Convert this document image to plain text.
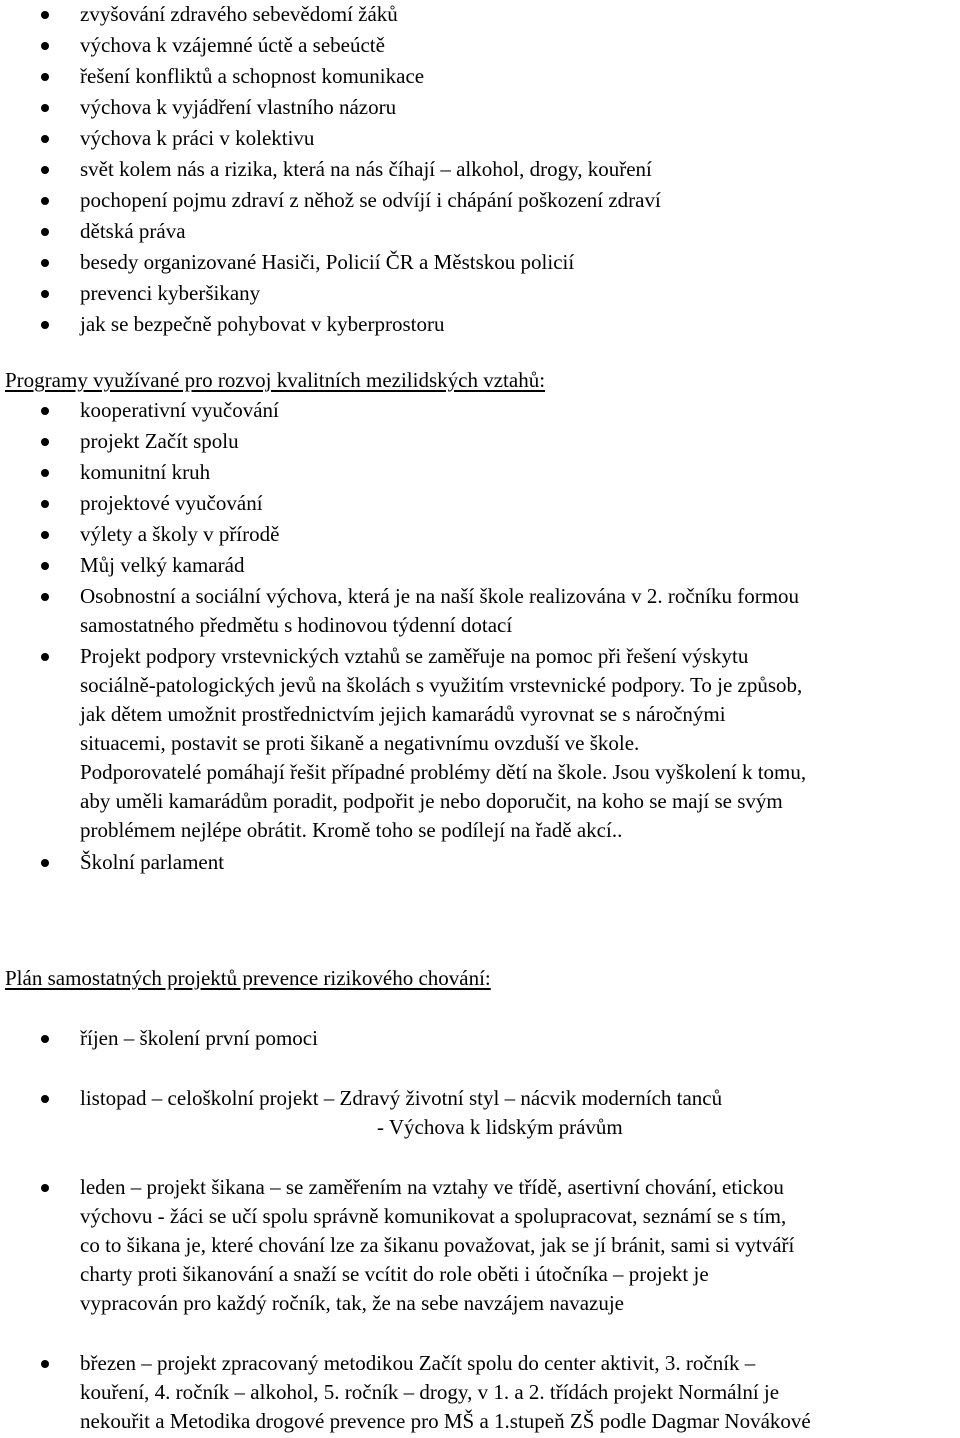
zvyšování zdravého sebevědomí žáků
výchova k vzájemné úctě a sebeúctě
řešení konfliktů a schopnost komunikace
výchova k vyjádření vlastního názoru
výchova k práci v kolektivu
svět kolem nás a rizika, která na nás číhají – alkohol, drogy, kouření
pochopení pojmu zdraví z něhož se odvíjí i chápání poškození zdraví
dětská práva
besedy organizované Hasiči, Policií ČR a Městskou policií
prevenci kyberšikany
jak se bezpečně pohybovat v kyberprostoru
Programy využívané pro rozvoj kvalitních mezilidských vztahů:
kooperativní vyučování
projekt Začít spolu
komunitní kruh
projektové vyučování
výlety a školy v přírodě
Můj velký kamarád
Osobnostní a sociální výchova, která je na naší škole realizována v 2. ročníku formou
samostatného předmětu s hodinovou týdenní dotací
Projekt podpory vrstevnických vztahů se zaměřuje na pomoc při řešení výskytu
sociálně-patologických jevů na školách s využitím vrstevnické podpory. To je způsob,
jak dětem umožnit prostřednictvím jejich kamarádů vyrovnat se s náročnými
situacemi, postavit se proti šikaně a negativnímu ovzduší ve škole.
Podporovatelé pomáhají řešit případné problémy dětí na škole. Jsou vyškolení k tomu,
aby uměli kamarádům poradit, podpořit je nebo doporučit, na koho se mají se svým
problémem nejlépe obrátit. Kromě toho se podílejí na řadě akcí..
Školní parlament
Plán samostatných projektů prevence rizikového chování:
říjen – školení první pomoci
listopad – celoškolní projekt – Zdravý životní styl – nácvik moderních tanců
- Výchova k lidským právům
leden – projekt šikana – se zaměřením na vztahy ve třídě, asertivní chování, etickou
výchovu - žáci se učí spolu správně komunikovat a spolupracovat, seznámí se s tím,
co to šikana je, které chování lze za šikanu považovat, jak se jí bránit, sami si vytváří
charty proti šikanování a snaží se vcítit do role oběti i útočníka – projekt je
vypracován pro každý ročník, tak, že na sebe navzájem navazuje
březen – projekt zpracovaný metodikou Začít spolu do center aktivit, 3. ročník –
kouření, 4. ročník – alkohol, 5. ročník – drogy, v 1. a 2. třídách projekt Normální je
nekouřit a Metodika drogové prevence pro MŠ a 1.stupeň ZŠ podle Dagmar Novákové
